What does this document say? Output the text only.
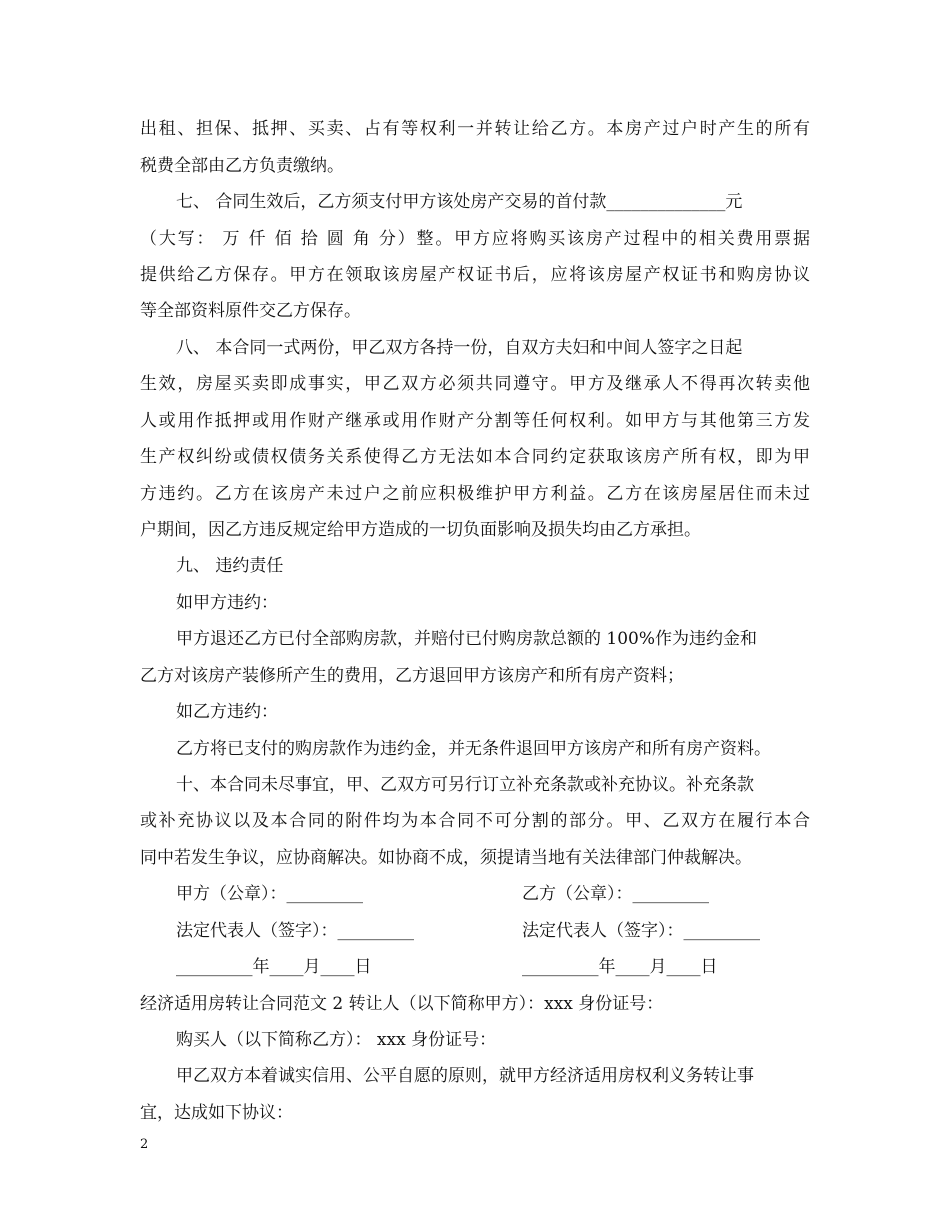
出租、担保、抵押、买卖、占有等权利一并转让给乙方。本房产过户时产生的所有
税费全部由乙方负责缴纳。
七、 合同生效后，乙方须支付甲方该处房产交易的首付款______________元
（大写： 万 仟 佰 拾 圆 角 分）整。甲方应将购买该房产过程中的相关费用票据
提供给乙方保存。甲方在领取该房屋产权证书后，应将该房屋产权证书和购房协议
等全部资料原件交乙方保存。
八、 本合同一式两份，甲乙双方各持一份，自双方夫妇和中间人签字之日起
生效，房屋买卖即成事实，甲乙双方必须共同遵守。甲方及继承人不得再次转卖他
人或用作抵押或用作财产继承或用作财产分割等任何权利。如甲方与其他第三方发
生产权纠纷或债权债务关系使得乙方无法如本合同约定获取该房产所有权，即为甲
方违约。乙方在该房产未过户之前应积极维护甲方利益。乙方在该房屋居住而未过
户期间，因乙方违反规定给甲方造成的一切负面影响及损失均由乙方承担。
九、 违约责任
如甲方违约：
甲方退还乙方已付全部购房款，并赔付已付购房款总额的 100%作为违约金和
乙方对该房产装修所产生的费用，乙方退回甲方该房产和所有房产资料；
如乙方违约：
乙方将已支付的购房款作为违约金，并无条件退回甲方该房产和所有房产资料。
十、本合同未尽事宜，甲、乙双方可另行订立补充条款或补充协议。补充条款
或补充协议以及本合同的附件均为本合同不可分割的部分。甲、乙双方在履行本合
同中若发生争议，应协商解决。如协商不成，须提请当地有关法律部门仲裁解决。
甲方（公章）：_________	乙方（公章）：_________
法定代表人（签字）：_________	法定代表人（签字）：_________
_________年____月____日	_________年____月____日
经济适用房转让合同范文 2 转让人（以下简称甲方）：xxx 身份证号：
购买人（以下简称乙方）： xxx 身份证号：
甲乙双方本着诚实信用、公平自愿的原则，就甲方经济适用房权利义务转让事
宜，达成如下协议：
2
